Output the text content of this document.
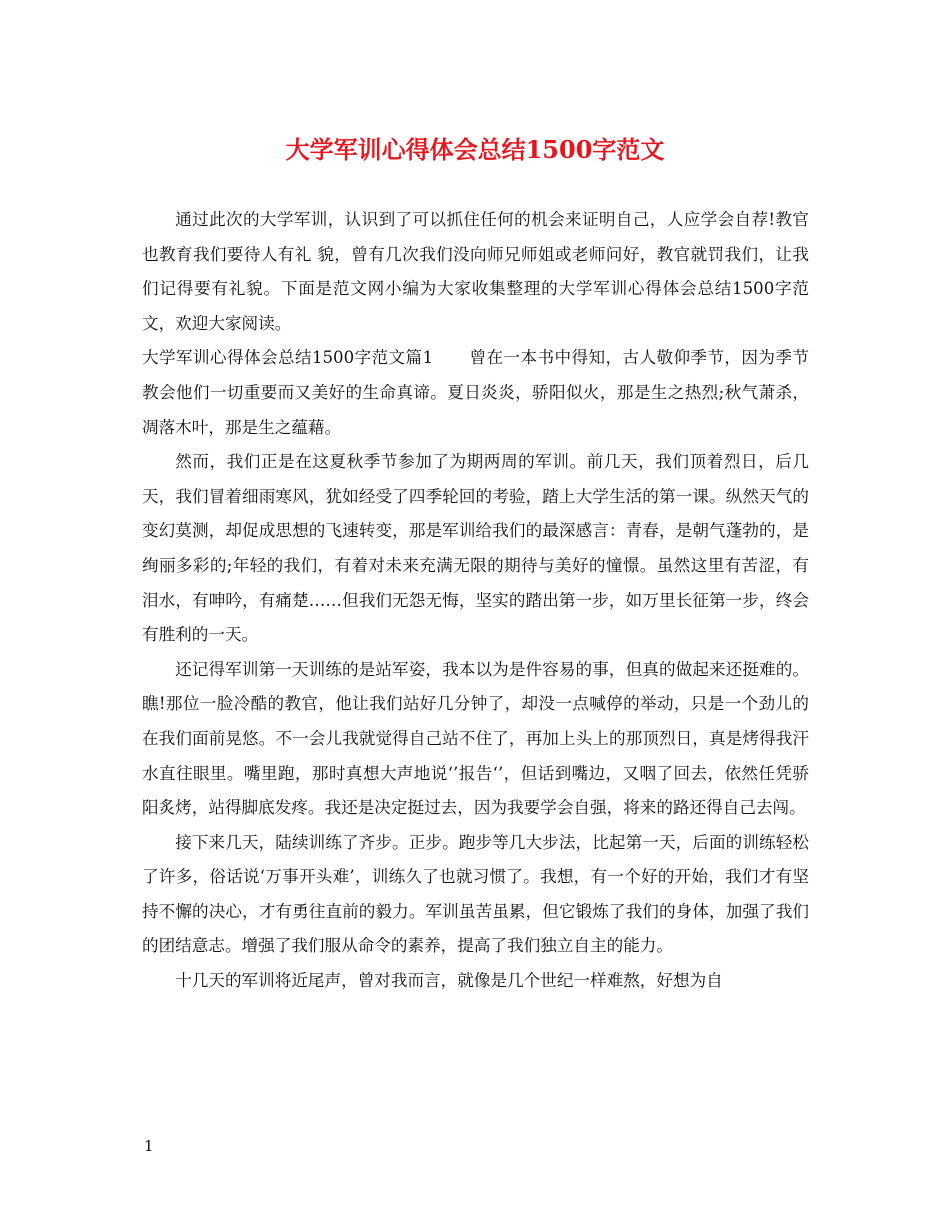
大学军训心得体会总结1500字范文

通过此次的大学军训，认识到了可以抓住任何的机会来证明自己，人应学会自荐!教官也教育我们要待人有礼 貌，曾有几次我们没向师兄师姐或老师问好，教官就罚我们，让我们记得要有礼貌。下面是范文网小编为大家收集整理的大学军训心得体会总结1500字范文，欢迎大家阅读。

大学军训心得体会总结1500字范文篇1 曾在一本书中得知，古人敬仰季节，因为季节教会他们一切重要而又美好的生命真谛。夏日炎炎，骄阳似火，那是生之热烈;秋气萧杀，凋落木叶，那是生之蕴藉。

然而，我们正是在这夏秋季节参加了为期两周的军训。前几天，我们顶着烈日，后几天，我们冒着细雨寒风，犹如经受了四季轮回的考验，踏上大学生活的第一课。纵然天气的变幻莫测，却促成思想的飞速转变，那是军训给我们的最深感言：青春，是朝气蓬勃的，是绚丽多彩的;年轻的我们，有着对未来充满无限的期待与美好的憧憬。虽然这里有苦涩，有泪水，有呻吟，有痛楚……但我们无怨无悔，坚实的踏出第一步，如万里长征第一步，终会有胜利的一天。

还记得军训第一天训练的是站军姿，我本以为是件容易的事，但真的做起来还挺难的。瞧!那位一脸冷酷的教官，他让我们站好几分钟了，却没一点喊停的举动，只是一个劲儿的在我们面前晃悠。不一会儿我就觉得自己站不住了，再加上头上的那顶烈日，真是烤得我汗水直往眼里。嘴里跑，那时真想大声地说‘’报告‘’，但话到嘴边，又咽了回去，依然任凭骄阳炙烤，站得脚底发疼。我还是决定挺过去，因为我要学会自强，将来的路还得自己去闯。

接下来几天，陆续训练了齐步。正步。跑步等几大步法，比起第一天，后面的训练轻松了许多，俗话说‘万事开头难’，训练久了也就习惯了。我想，有一个好的开始，我们才有坚持不懈的决心，才有勇往直前的毅力。军训虽苦虽累，但它锻炼了我们的身体，加强了我们的团结意志。增强了我们服从命令的素养，提高了我们独立自主的能力。

十几天的军训将近尾声，曾对我而言，就像是几个世纪一样难熬，好想为自

1
